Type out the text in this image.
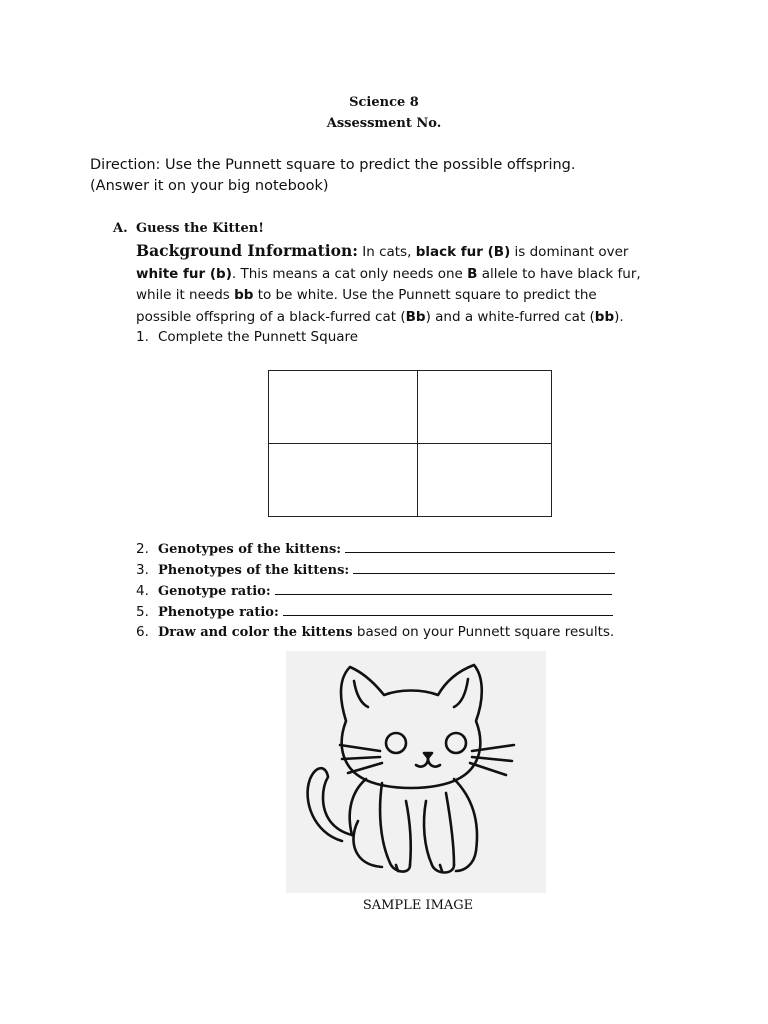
Science 8
Assessment No.
Direction: Use the Punnett square to predict the possible offspring.
(Answer it on your big notebook)
A. Guess the Kitten!
Background Information: In cats, black fur (B) is dominant over
white fur (b). This means a cat only needs one B allele to have black fur,
while it needs bb to be white. Use the Punnett square to predict the
possible offspring of a black-furred cat (Bb) and a white-furred cat (bb).
1. Complete the Punnett Square
2. Genotypes of the kittens:
3. Phenotypes of the kittens:
4. Genotype ratio:
5. Phenotype ratio:
6. Draw and color the kittens based on your Punnett square results.
SAMPLE IMAGE
